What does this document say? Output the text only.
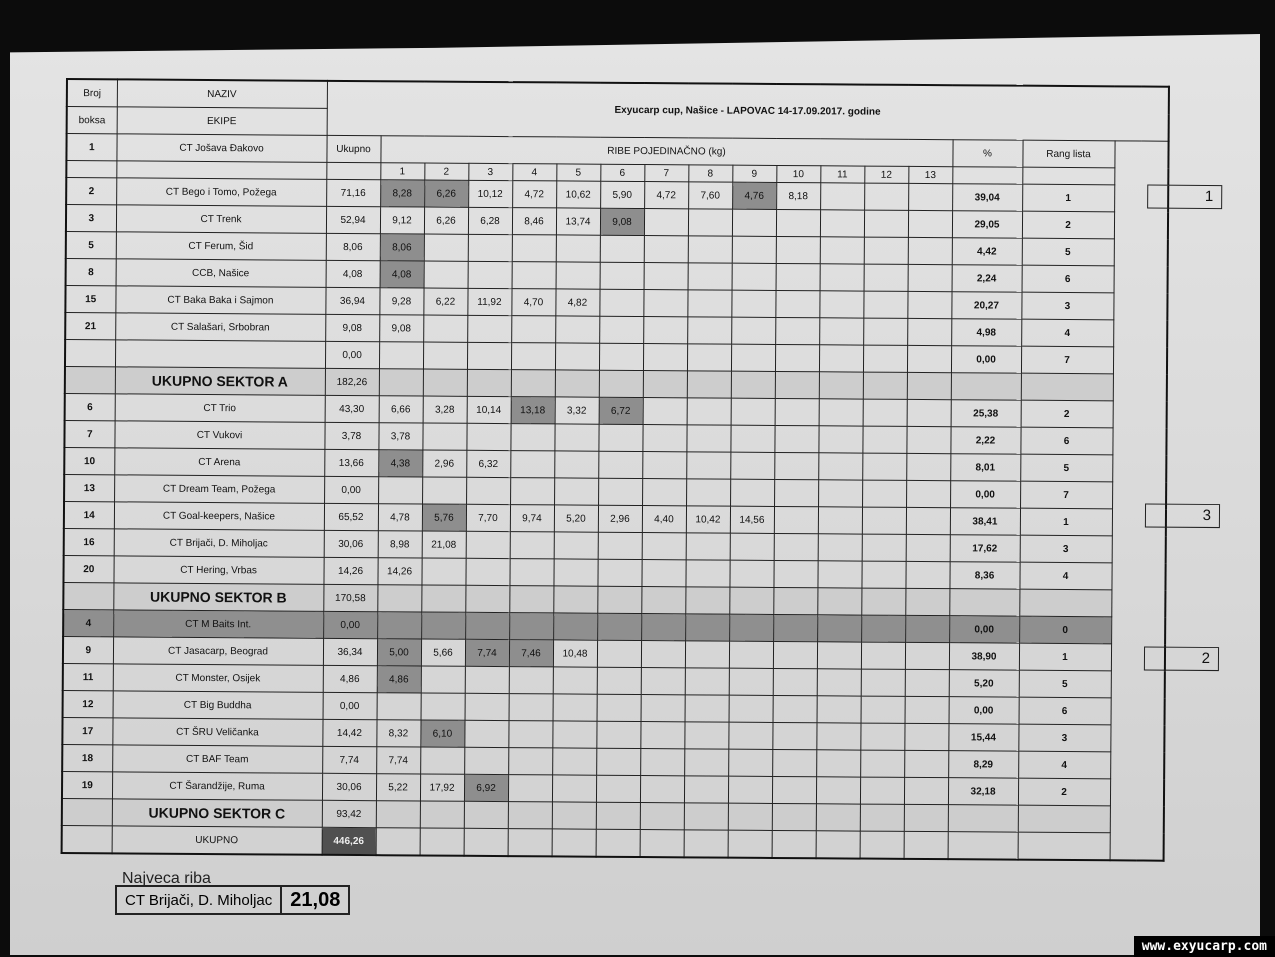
Broj	NAZIV	Exyucarp cup, Našice - LAPOVAC 14-17.09.2017. godine															
boksa	EKIPE																
1	CT Jošava Đakovo	Ukupno	RIBE POJEDINAČNO (kg)													%	Rang lista
			1	2	3	4	5	6	7	8	9	10	11	12	13		
2	CT Bego i Tomo, Požega	71,16	8,28	6,26	10,12	4,72	10,62	5,90	4,72	7,60	4,76	8,18				39,04	1
3	CT Trenk	52,94	9,12	6,26	6,28	8,46	13,74	9,08								29,05	2
5	CT Ferum, Šid	8,06	8,06													4,42	5
8	CCB, Našice	4,08	4,08													2,24	6
15	CT Baka Baka i Sajmon	36,94	9,28	6,22	11,92	4,70	4,82									20,27	3
21	CT Salašari, Srbobran	9,08	9,08													4,98	4
		0,00														0,00	7
	UKUPNO SEKTOR A	182,26															
6	CT Trio	43,30	6,66	3,28	10,14	13,18	3,32	6,72								25,38	2
7	CT Vukovi	3,78	3,78													2,22	6
10	CT Arena	13,66	4,38	2,96	6,32											8,01	5
13	CT Dream Team, Požega	0,00														0,00	7
14	CT Goal-keepers, Našice	65,52	4,78	5,76	7,70	9,74	5,20	2,96	4,40	10,42	14,56					38,41	1
16	CT Brijači, D. Miholjac	30,06	8,98	21,08												17,62	3
20	CT Hering, Vrbas	14,26	14,26													8,36	4
	UKUPNO SEKTOR B	170,58															
4	CT M Baits Int.	0,00														0,00	0
9	CT Jasacarp, Beograd	36,34	5,00	5,66	7,74	7,46	10,48									38,90	1
11	CT Monster, Osijek	4,86	4,86													5,20	5
12	CT Big Buddha	0,00														0,00	6
17	CT ŠRU Veličanka	14,42	8,32	6,10												15,44	3
18	CT BAF Team	7,74	7,74													8,29	4
19	CT Šarandžije, Ruma	30,06	5,22	17,92	6,92											32,18	2
	UKUPNO SEKTOR C	93,42															
	UKUPNO	446,26															
1
3
2
Najveca riba
CT Brijači, D. Miholjac	21,08
www.exyucarp.com
